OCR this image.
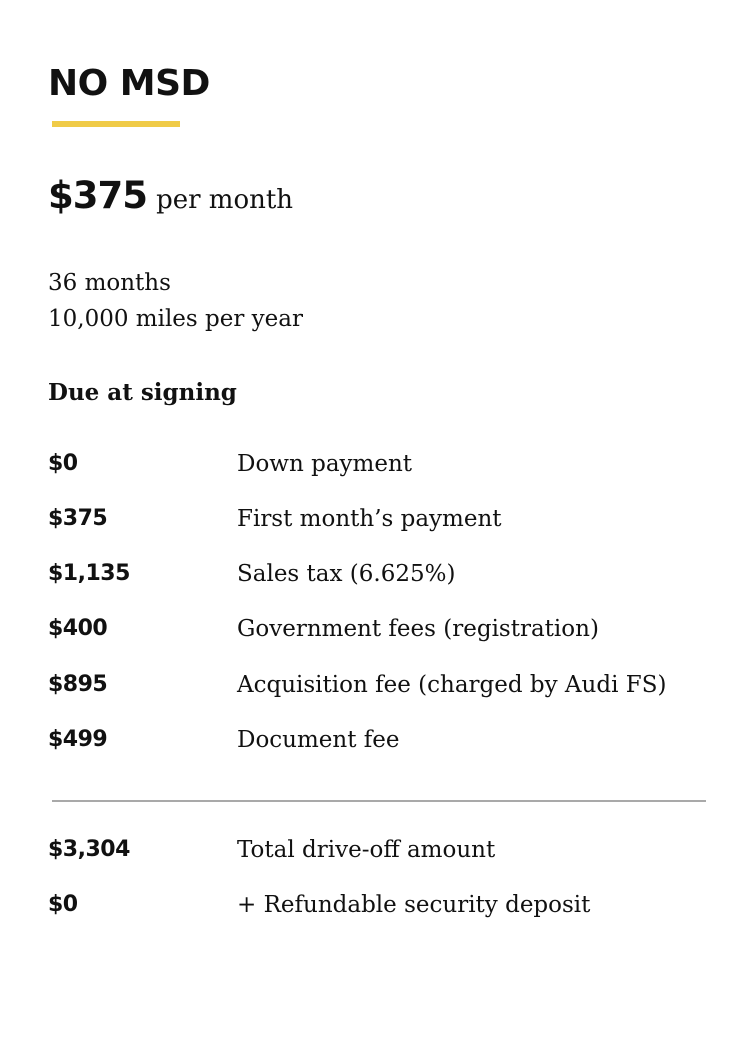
NO MSD
$375 per month
36 months
10,000 miles per year
Due at signing
$0	Down payment
$375	First month’s payment
$1,135	Sales tax (6.625%)
$400	Government fees (registration)
$895	Acquisition fee (charged by Audi FS)
$499	Document fee
$3,304	Total drive-off amount
$0	+ Refundable security deposit
